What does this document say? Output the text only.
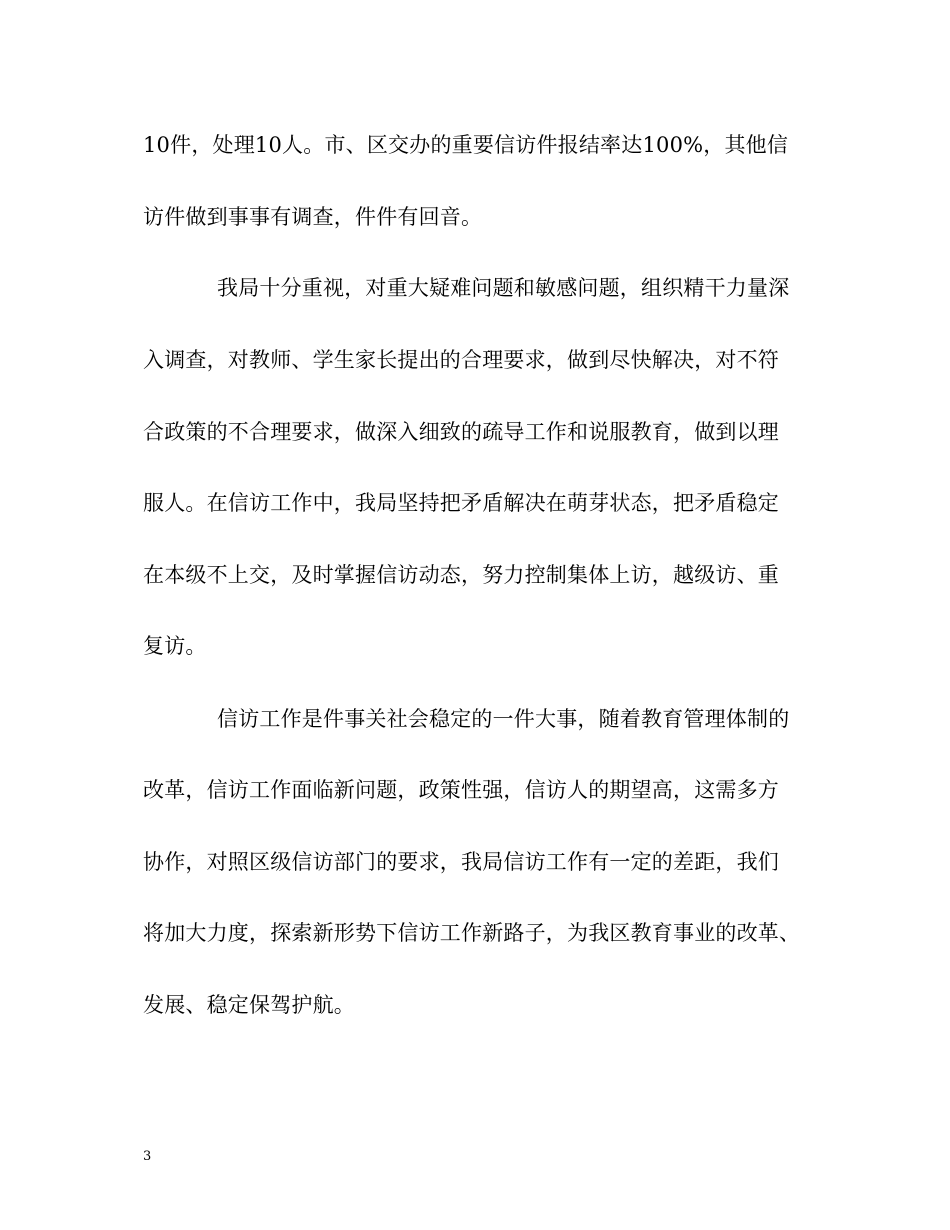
10件，处理10人。市、区交办的重要信访件报结率达100%，其他信
访件做到事事有调查，件件有回音。
我局十分重视，对重大疑难问题和敏感问题，组织精干力量深
入调查，对教师、学生家长提出的合理要求，做到尽快解决，对不符
合政策的不合理要求，做深入细致的疏导工作和说服教育，做到以理
服人。在信访工作中，我局坚持把矛盾解决在萌芽状态，把矛盾稳定
在本级不上交，及时掌握信访动态，努力控制集体上访，越级访、重
复访。
信访工作是件事关社会稳定的一件大事，随着教育管理体制的
改革，信访工作面临新问题，政策性强，信访人的期望高，这需多方
协作，对照区级信访部门的要求，我局信访工作有一定的差距，我们
将加大力度，探索新形势下信访工作新路子，为我区教育事业的改革、
发展、稳定保驾护航。
3
